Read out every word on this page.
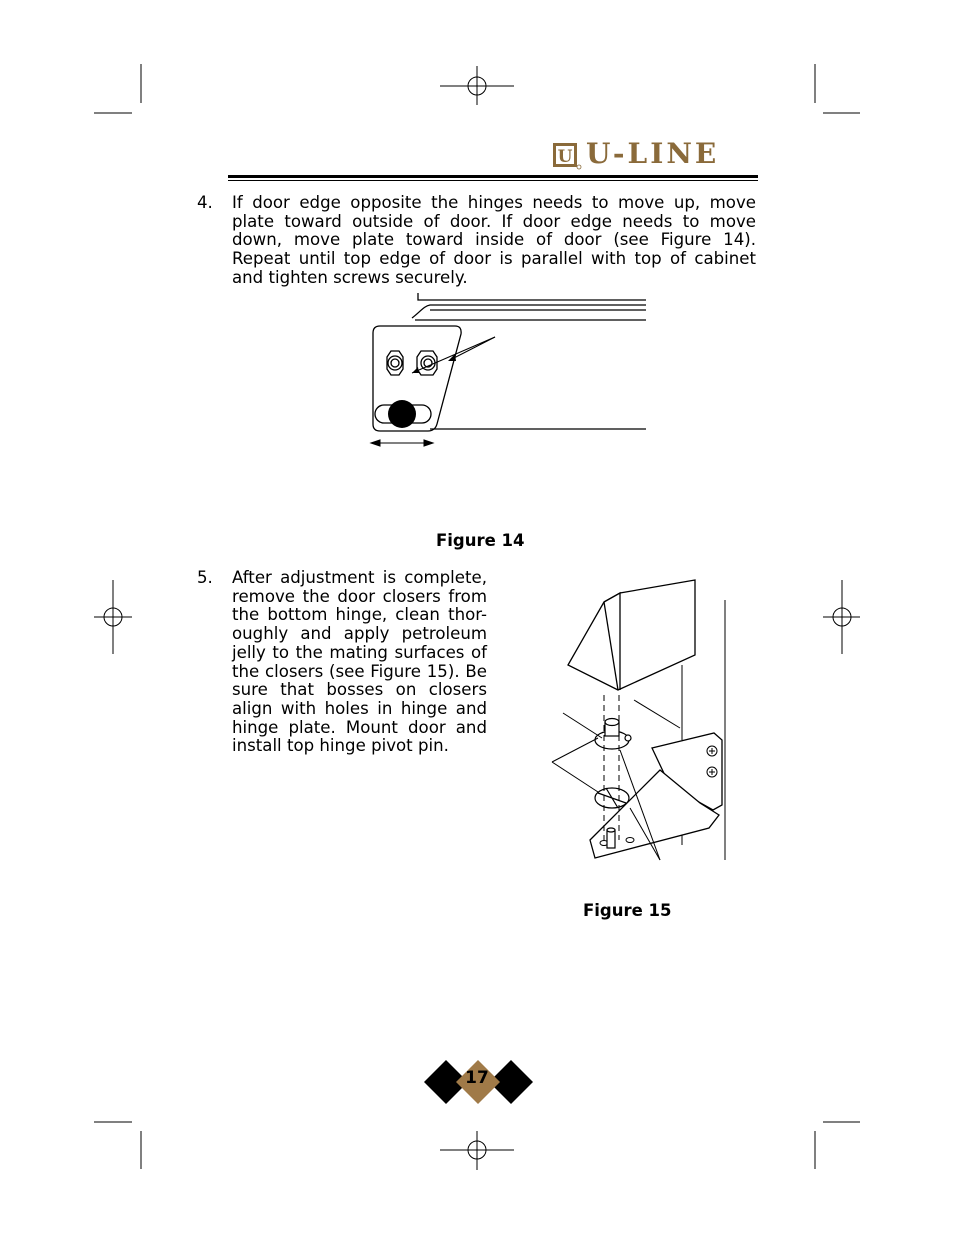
U U-LINE
4. If door edge opposite the hinges needs to move up, move plate toward outside of door. If door edge needs to move down, move plate toward inside of door (see Figure 14). Repeat until top edge of door is parallel with top of cabinet and tighten screws securely.
Figure 14
5. After adjustment is complete, remove the door closers from the bottom hinge, clean thor-oughly and apply petroleum jelly to the mating surfaces of the closers (see Figure 15). Be sure that bosses on closers align with holes in hinge and hinge plate. Mount door and install top hinge pivot pin.
Figure 15
17
